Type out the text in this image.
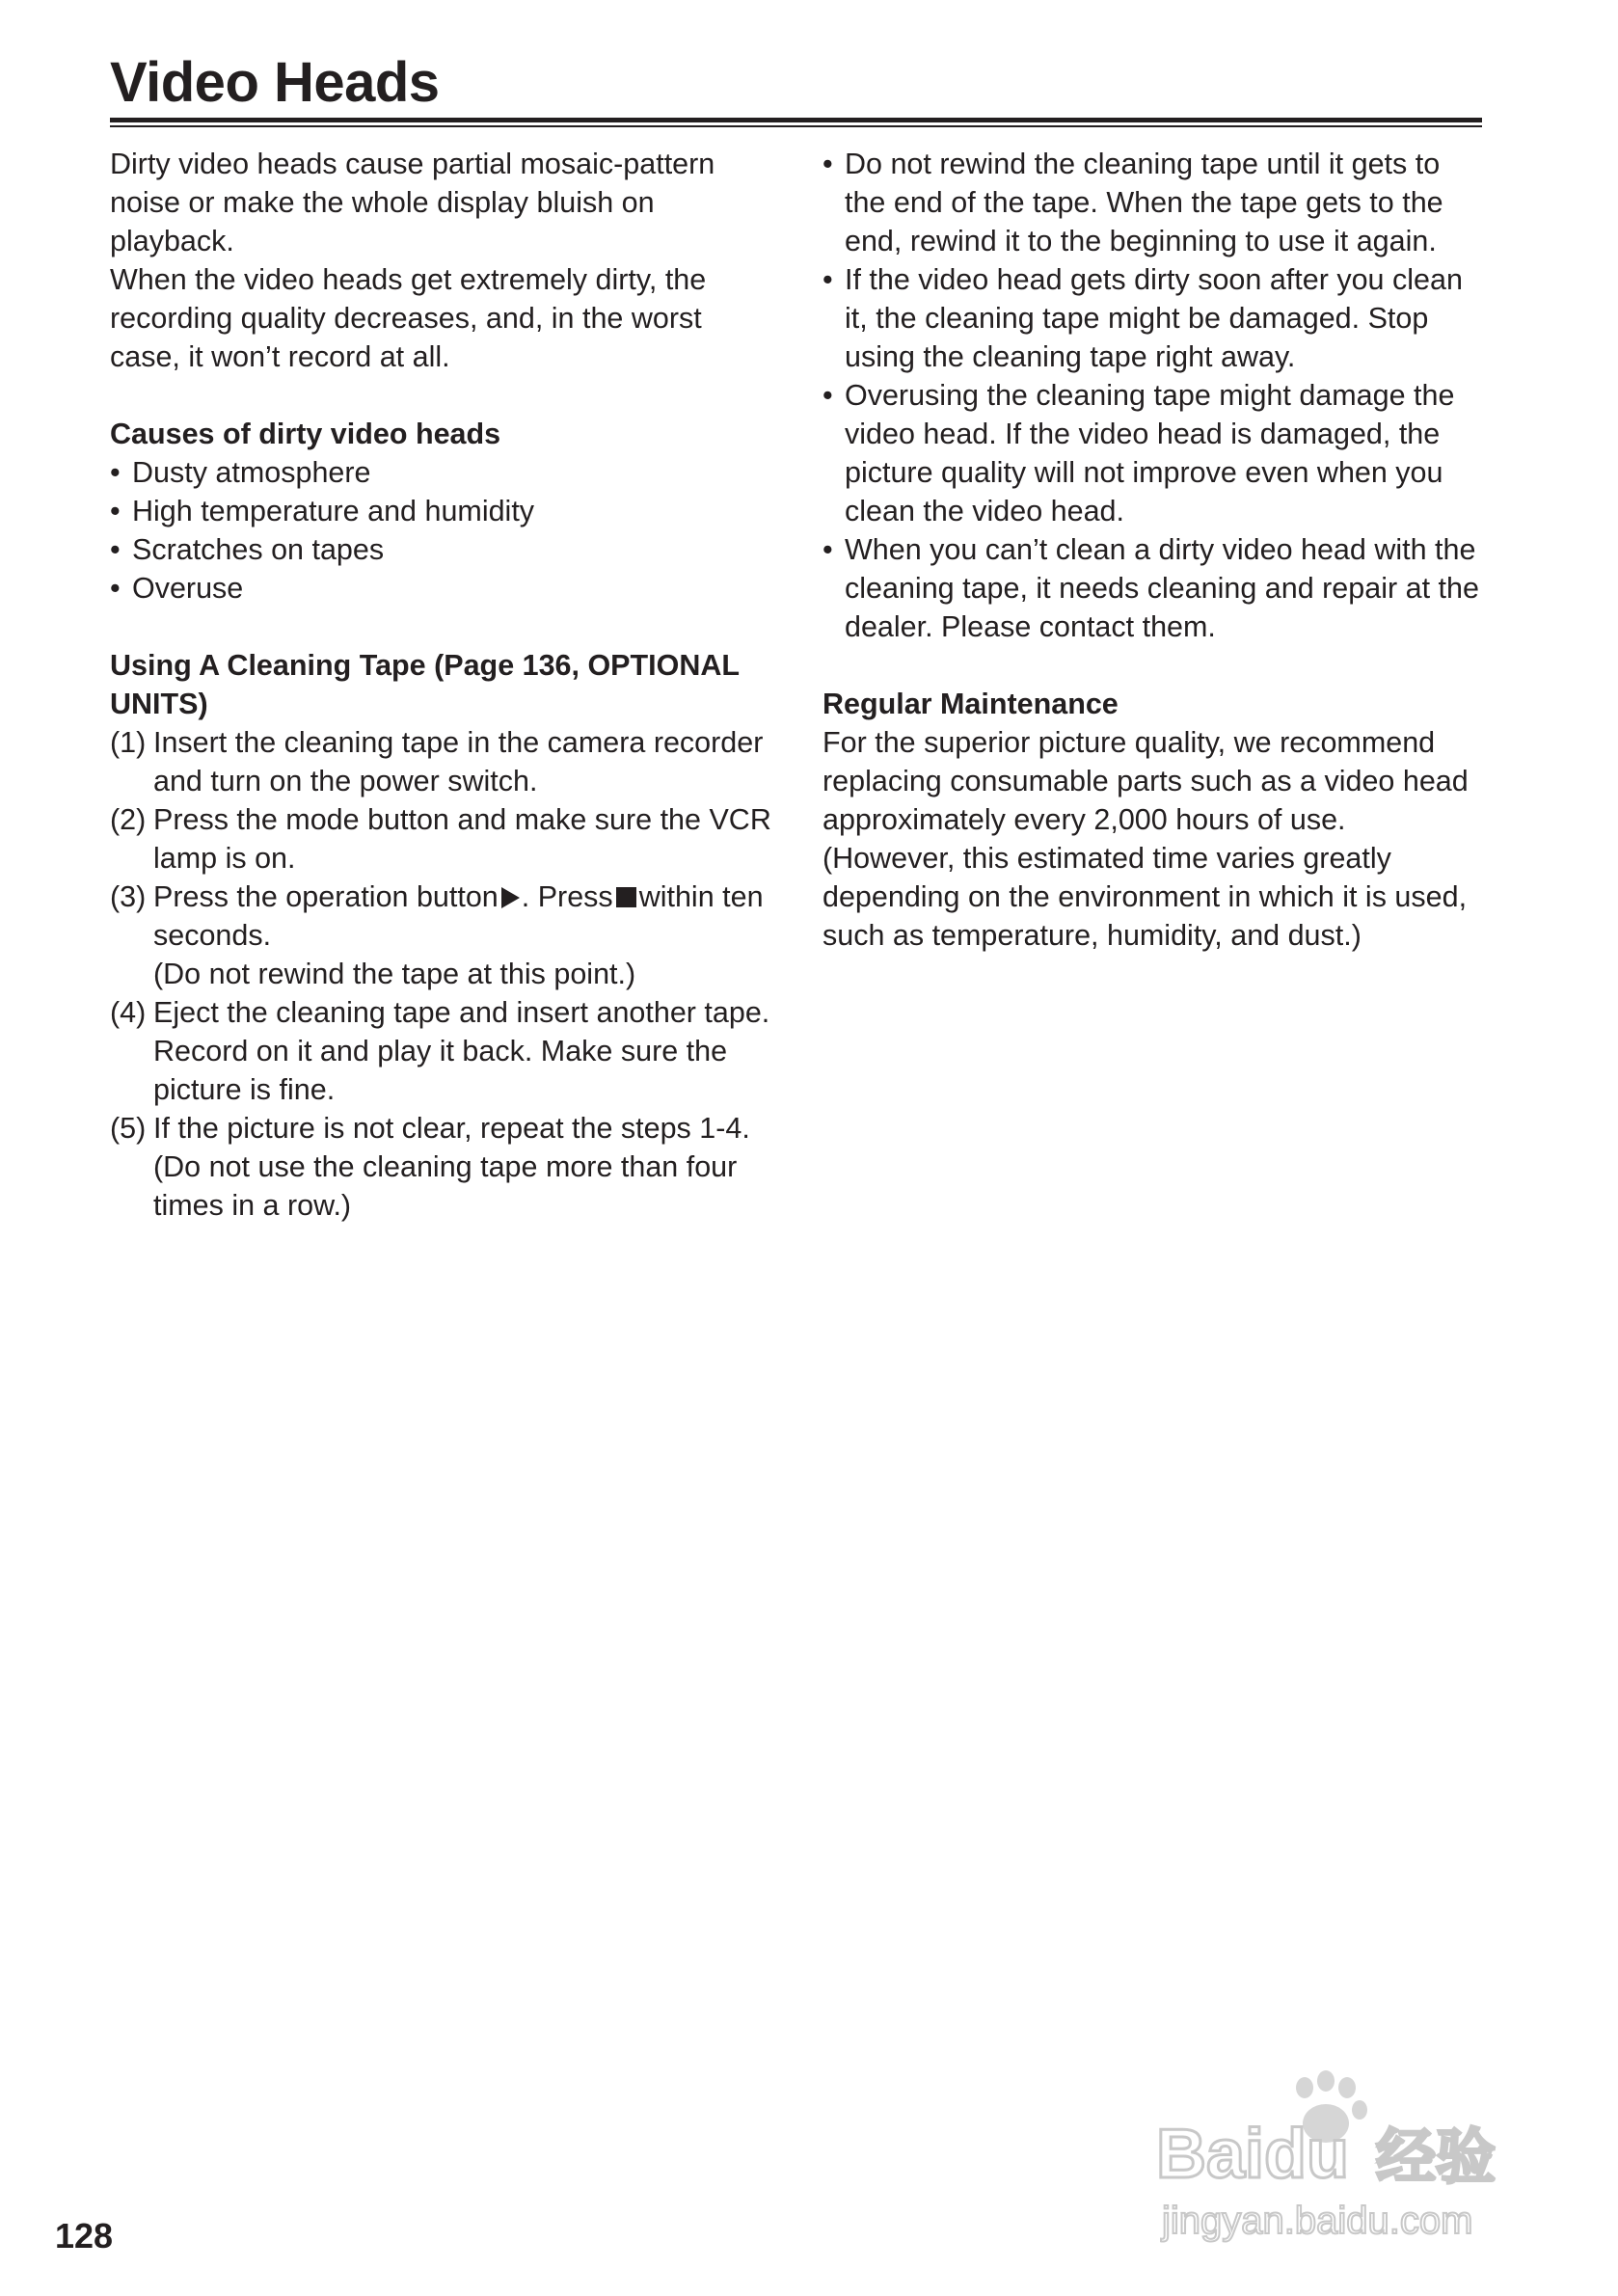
Video Heads

Dirty video heads cause partial mosaic-pattern noise or make the whole display bluish on playback.

When the video heads get extremely dirty, the recording quality decreases, and, in the worst case, it won’t record at all.

Causes of dirty video heads

• Dusty atmosphere
• High temperature and humidity
• Scratches on tapes
• Overuse

Using A Cleaning Tape (Page 136, OPTIONAL UNITS)

(1) Insert the cleaning tape in the camera recorder and turn on the power switch.
(2) Press the mode button and make sure the VCR lamp is on.
(3) Press the operation button . Press within ten seconds.
(Do not rewind the tape at this point.)
(4) Eject the cleaning tape and insert another tape. Record on it and play it back. Make sure the picture is fine.
(5) If the picture is not clear, repeat the steps 1-4.
(Do not use the cleaning tape more than four times in a row.)
• Do not rewind the cleaning tape until it gets to the end of the tape. When the tape gets to the end, rewind it to the beginning to use it again.
• If the video head gets dirty soon after you clean it, the cleaning tape might be damaged. Stop using the cleaning tape right away.
• Overusing the cleaning tape might damage the video head. If the video head is damaged, the picture quality will not improve even when you clean the video head.
• When you can’t clean a dirty video head with the cleaning tape, it needs cleaning and repair at the dealer. Please contact them.

Regular Maintenance

For the superior picture quality, we recommend replacing consumable parts such as a video head approximately every 2,000 hours of use.

(However, this estimated time varies greatly depending on the environment in which it is used, such as temperature, humidity, and dust.)

128
Baidu 经验
jingyan.baidu.com
